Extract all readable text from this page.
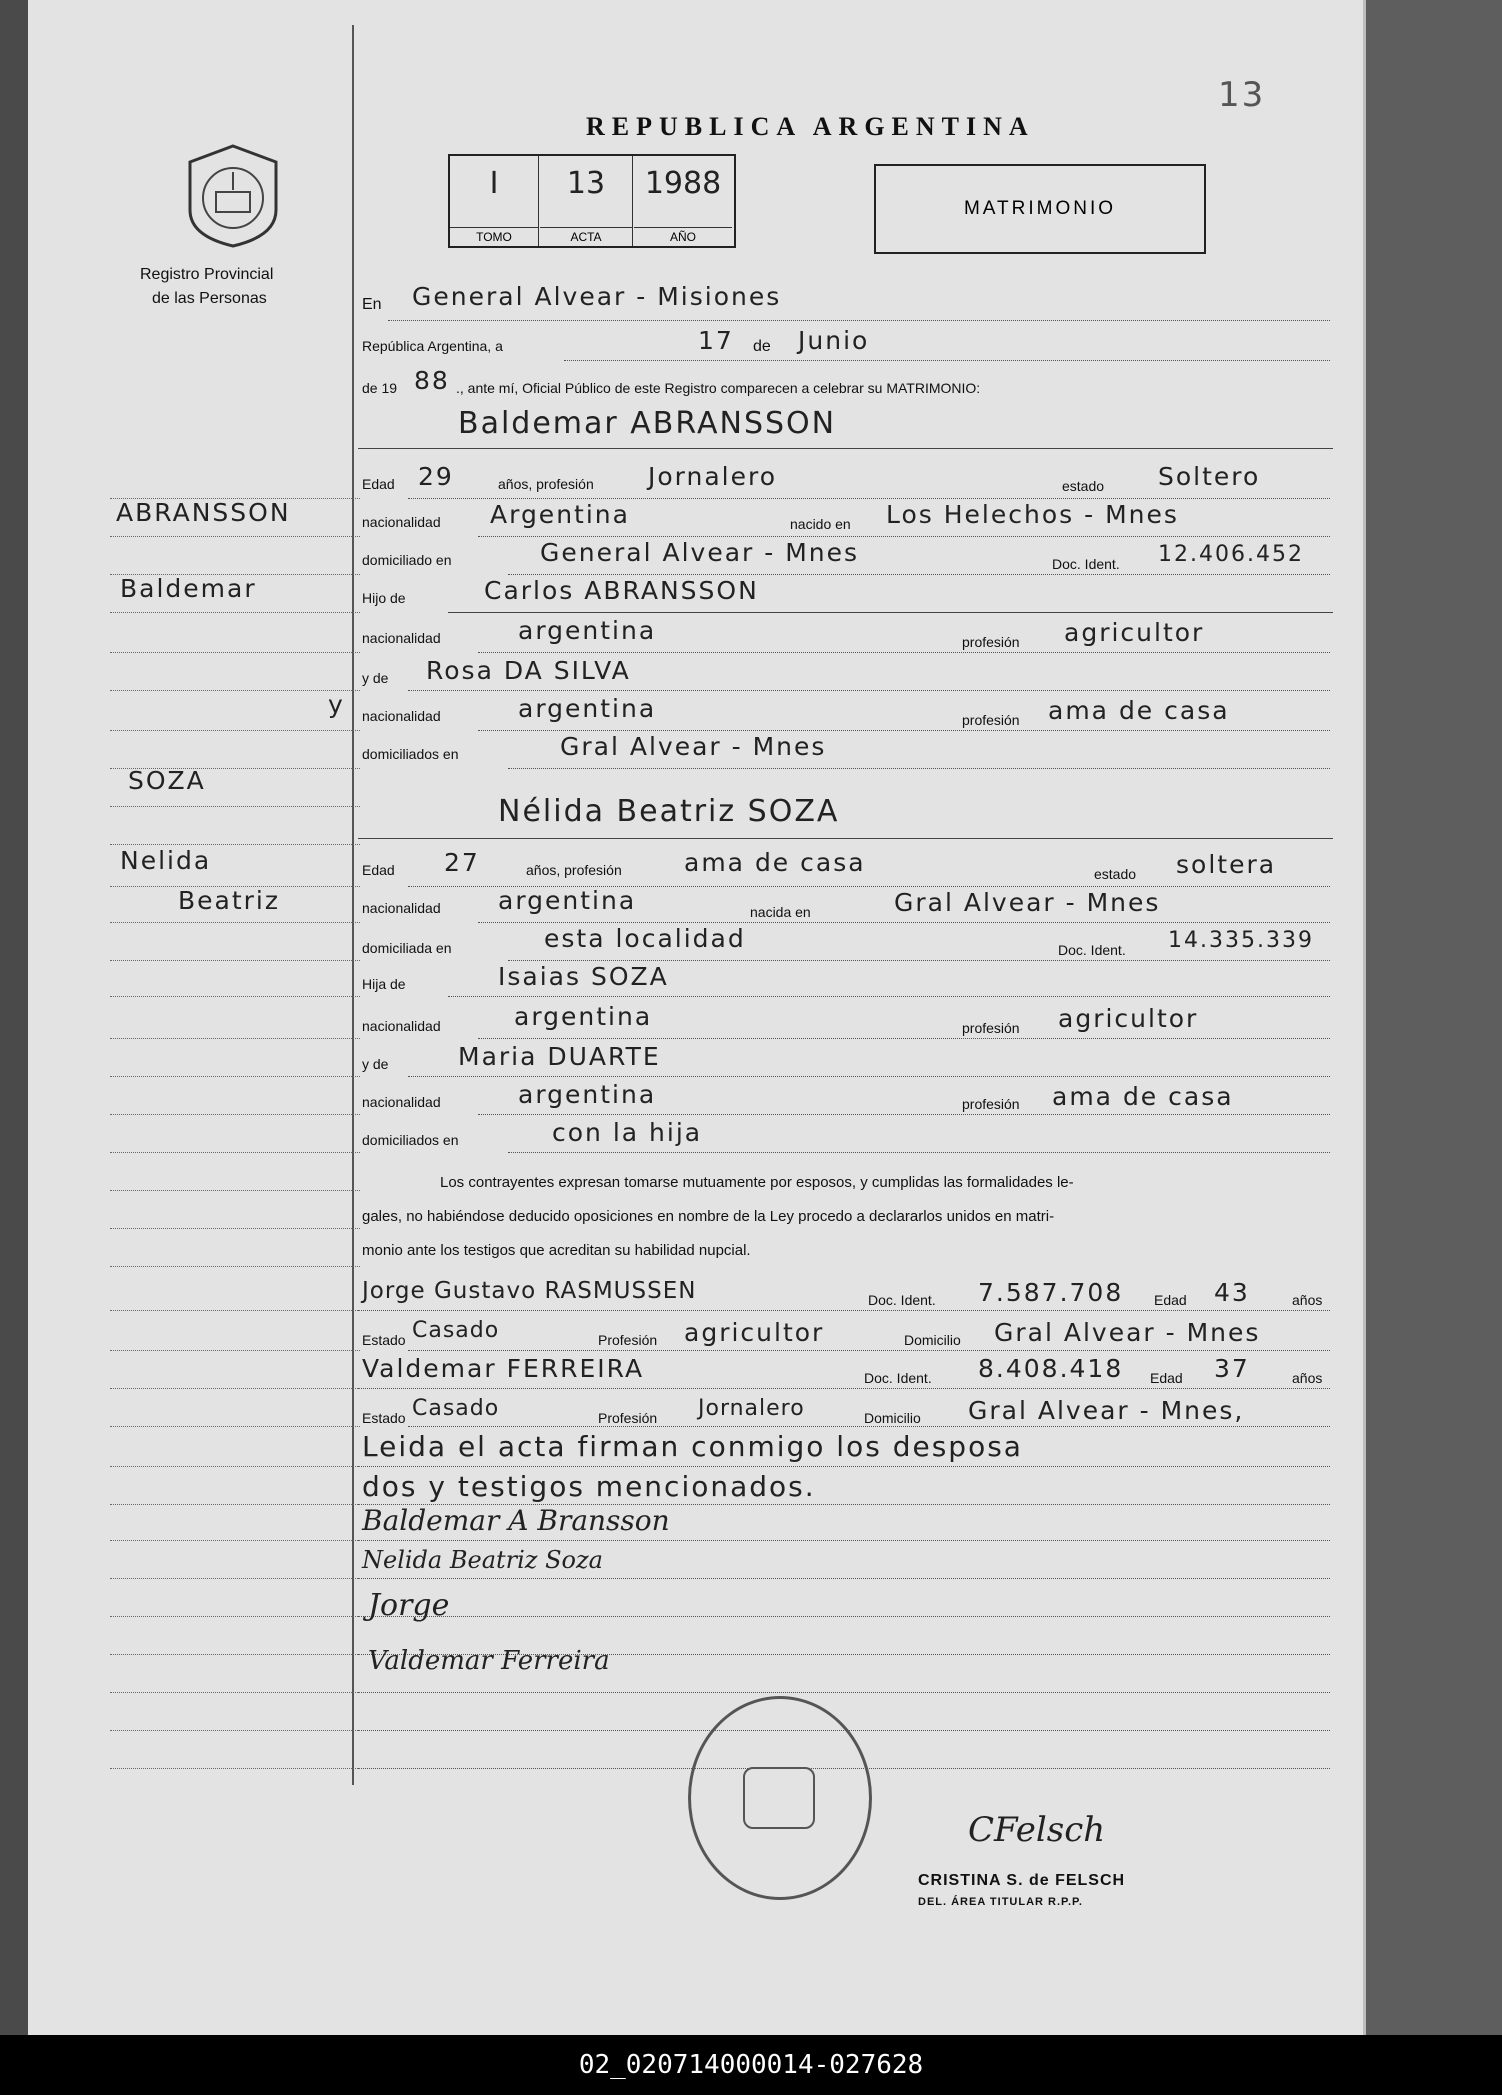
13
REPUBLICA ARGENTINA
Registro Provincial
de las Personas
I
TOMO
13
ACTA
1988
AÑO
MATRIMONIO
En General Alvear - Misiones
República Argentina, a	17 de Junio
de 19 88 ., ante mí, Oficial Público de este Registro comparecen a celebrar su MATRIMONIO:
Baldemar ABRANSSON
Edad 29	años, profesión Jornalero	estado Soltero
nacionalidad Argentina	nacido en Los Helechos - Mnes
domiciliado en	General Alvear - Mnes	Doc. Ident. 12.406.452
Hijo de	Carlos ABRANSSON
nacionalidad	argentina	profesión agricultor
y de Rosa DA SILVA
nacionalidad	argentina	profesión ama de casa
domiciliados en	Gral Alvear - Mnes
Nélida Beatriz SOZA
Edad 27	años, profesión ama de casa	estado soltera
nacionalidad argentina	nacida en	Gral Alvear - Mnes
domiciliada en	esta localidad	Doc. Ident. 14.335.339
Hija de	Isaias SOZA
nacionalidad	argentina	profesión agricultor
y de	Maria DUARTE
nacionalidad	argentina	profesión ama de casa
domiciliados en	con la hija
Los contrayentes expresan tomarse mutuamente por esposos, y cumplidas las formalidades le-
gales, no habiéndose deducido oposiciones en nombre de la Ley procedo a declararlos unidos en matri-
monio ante los testigos que acreditan su habilidad nupcial.
Jorge Gustavo RASMUSSEN	Doc. Ident. 7.587.708 Edad 43	años
Estado Casado	Profesión agricultor	Domicilio Gral Alvear - Mnes
Valdemar FERREIRA	Doc. Ident. 8.408.418 Edad 37	años
Estado Casado	Profesión Jornalero	Domicilio Gral Alvear - Mnes,
Leida el acta firman conmigo los desposa
dos y testigos mencionados.
Baldemar A Bransson
Nelida Beatriz Soza
Jorge
Valdemar Ferreira
CFelsch
CRISTINA S. de FELSCH
DEL. ÁREA TITULAR R.P.P.
ABRANSSON
Baldemar
y
SOZA
Nelida
Beatriz
02_020714000014-027628
